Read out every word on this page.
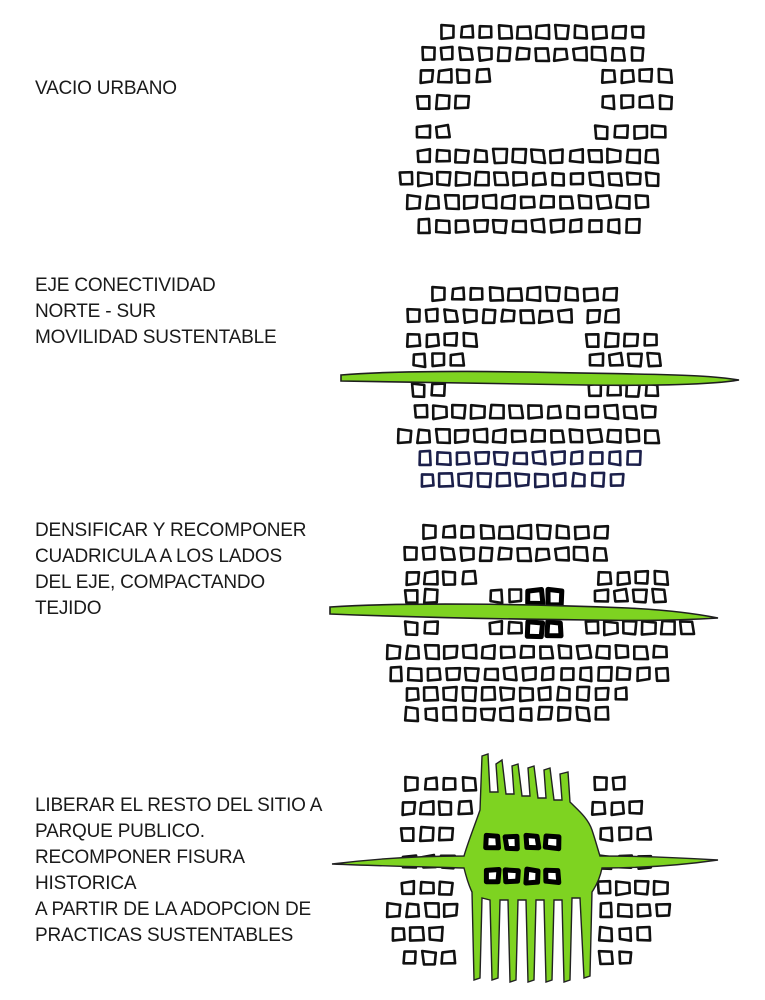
VACIO URBANO
EJE CONECTIVIDAD
NORTE - SUR
MOVILIDAD SUSTENTABLE
DENSIFICAR Y RECOMPONER
CUADRICULA A LOS LADOS
DEL EJE, COMPACTANDO
TEJIDO
LIBERAR EL RESTO DEL SITIO A
PARQUE PUBLICO.
RECOMPONER FISURA
HISTORICA
A PARTIR DE LA ADOPCION DE
PRACTICAS SUSTENTABLES
